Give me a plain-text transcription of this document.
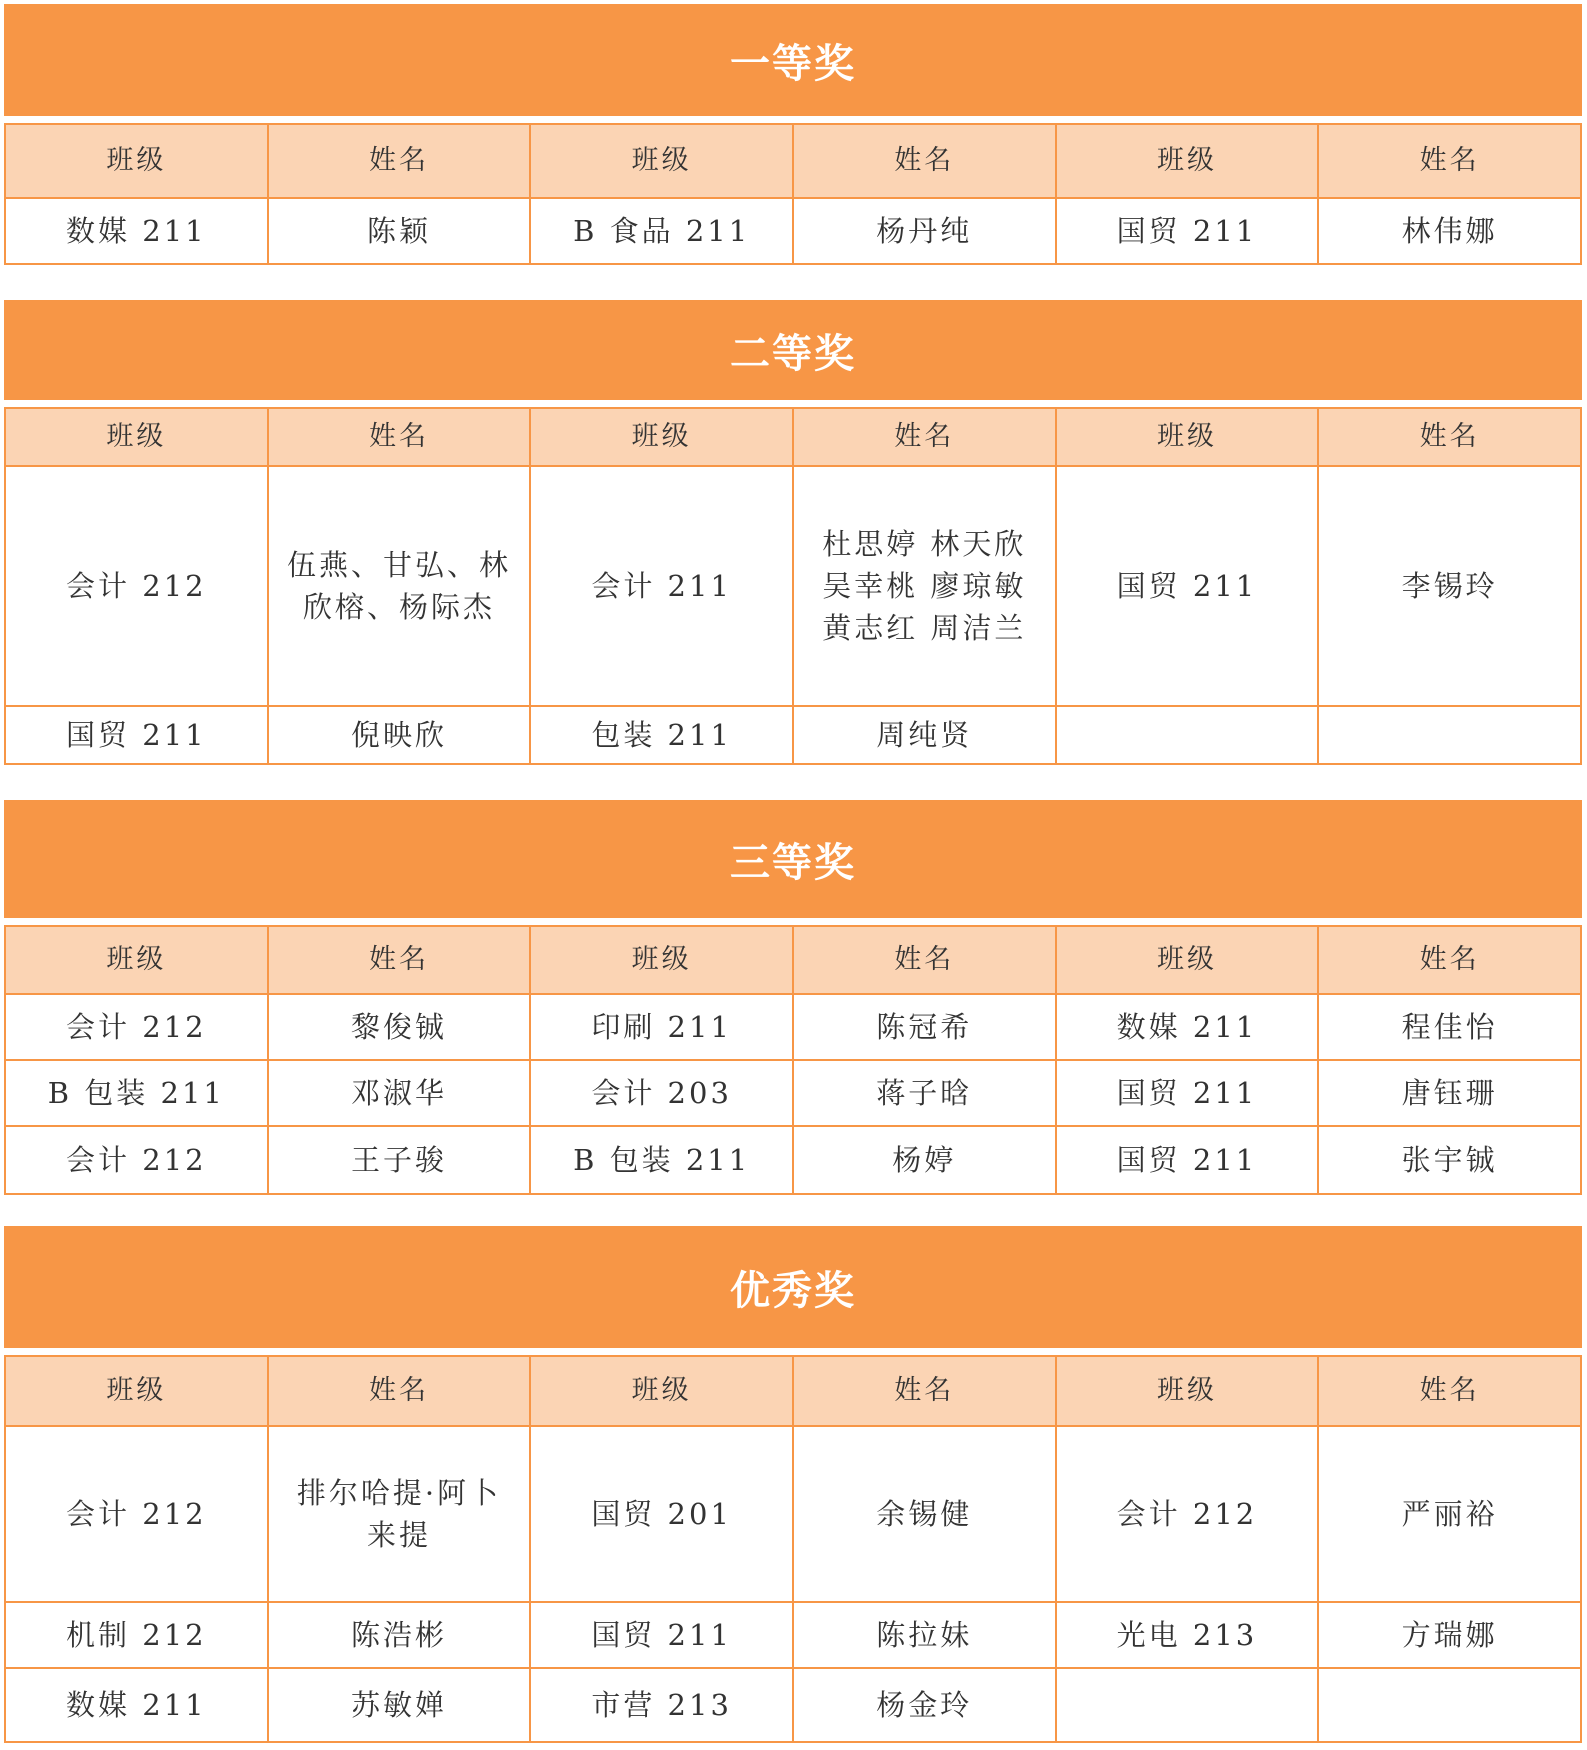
一等奖
班级	姓名	班级	姓名	班级	姓名
数媒 211	陈颖	B 食品 211	杨丹纯	国贸 211	林伟娜
二等奖
班级	姓名	班级	姓名	班级	姓名
会计 212	伍燕、甘弘、林
欣榕、杨际杰	会计 211	杜思婷 林天欣
吴幸桃 廖琼敏
黄志红 周洁兰	国贸 211	李锡玲
国贸 211	倪映欣	包装 211	周纯贤		
三等奖
班级	姓名	班级	姓名	班级	姓名
会计 212	黎俊铖	印刷 211	陈冠希	数媒 211	程佳怡
B 包装 211	邓淑华	会计 203	蒋子晗	国贸 211	唐钰珊
会计 212	王子骏	B 包装 211	杨婷	国贸 211	张宇铖
优秀奖
班级	姓名	班级	姓名	班级	姓名
会计 212	排尔哈提·阿卜
来提	国贸 201	余锡健	会计 212	严丽裕
机制 212	陈浩彬	国贸 211	陈拉妹	光电 213	方瑞娜
数媒 211	苏敏婵	市营 213	杨金玲		
